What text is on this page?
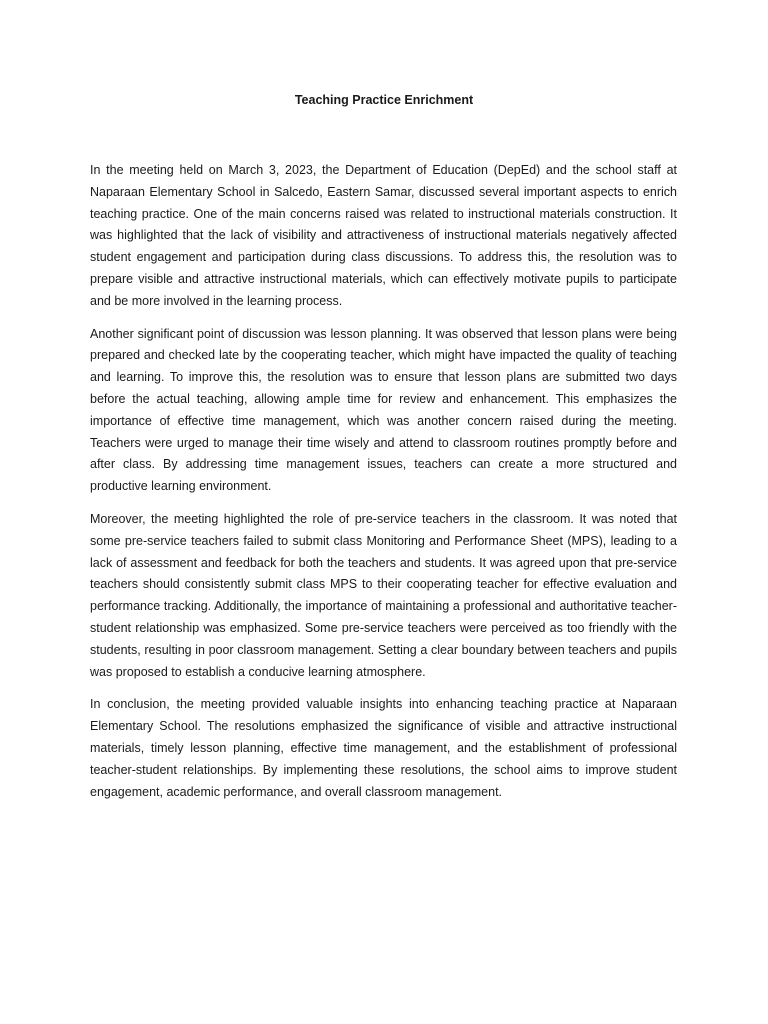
Teaching Practice Enrichment

In the meeting held on March 3, 2023, the Department of Education (DepEd) and the school staff at Naparaan Elementary School in Salcedo, Eastern Samar, discussed several important aspects to enrich teaching practice. One of the main concerns raised was related to instructional materials construction. It was highlighted that the lack of visibility and attractiveness of instructional materials negatively affected student engagement and participation during class discussions. To address this, the resolution was to prepare visible and attractive instructional materials, which can effectively motivate pupils to participate and be more involved in the learning process.

Another significant point of discussion was lesson planning. It was observed that lesson plans were being prepared and checked late by the cooperating teacher, which might have impacted the quality of teaching and learning. To improve this, the resolution was to ensure that lesson plans are submitted two days before the actual teaching, allowing ample time for review and enhancement. This emphasizes the importance of effective time management, which was another concern raised during the meeting. Teachers were urged to manage their time wisely and attend to classroom routines promptly before and after class. By addressing time management issues, teachers can create a more structured and productive learning environment.

Moreover, the meeting highlighted the role of pre-service teachers in the classroom. It was noted that some pre-service teachers failed to submit class Monitoring and Performance Sheet (MPS), leading to a lack of assessment and feedback for both the teachers and students. It was agreed upon that pre-service teachers should consistently submit class MPS to their cooperating teacher for effective evaluation and performance tracking. Additionally, the importance of maintaining a professional and authoritative teacher-student relationship was emphasized. Some pre-service teachers were perceived as too friendly with the students, resulting in poor classroom management. Setting a clear boundary between teachers and pupils was proposed to establish a conducive learning atmosphere.

In conclusion, the meeting provided valuable insights into enhancing teaching practice at Naparaan Elementary School. The resolutions emphasized the significance of visible and attractive instructional materials, timely lesson planning, effective time management, and the establishment of professional teacher-student relationships. By implementing these resolutions, the school aims to improve student engagement, academic performance, and overall classroom management.
